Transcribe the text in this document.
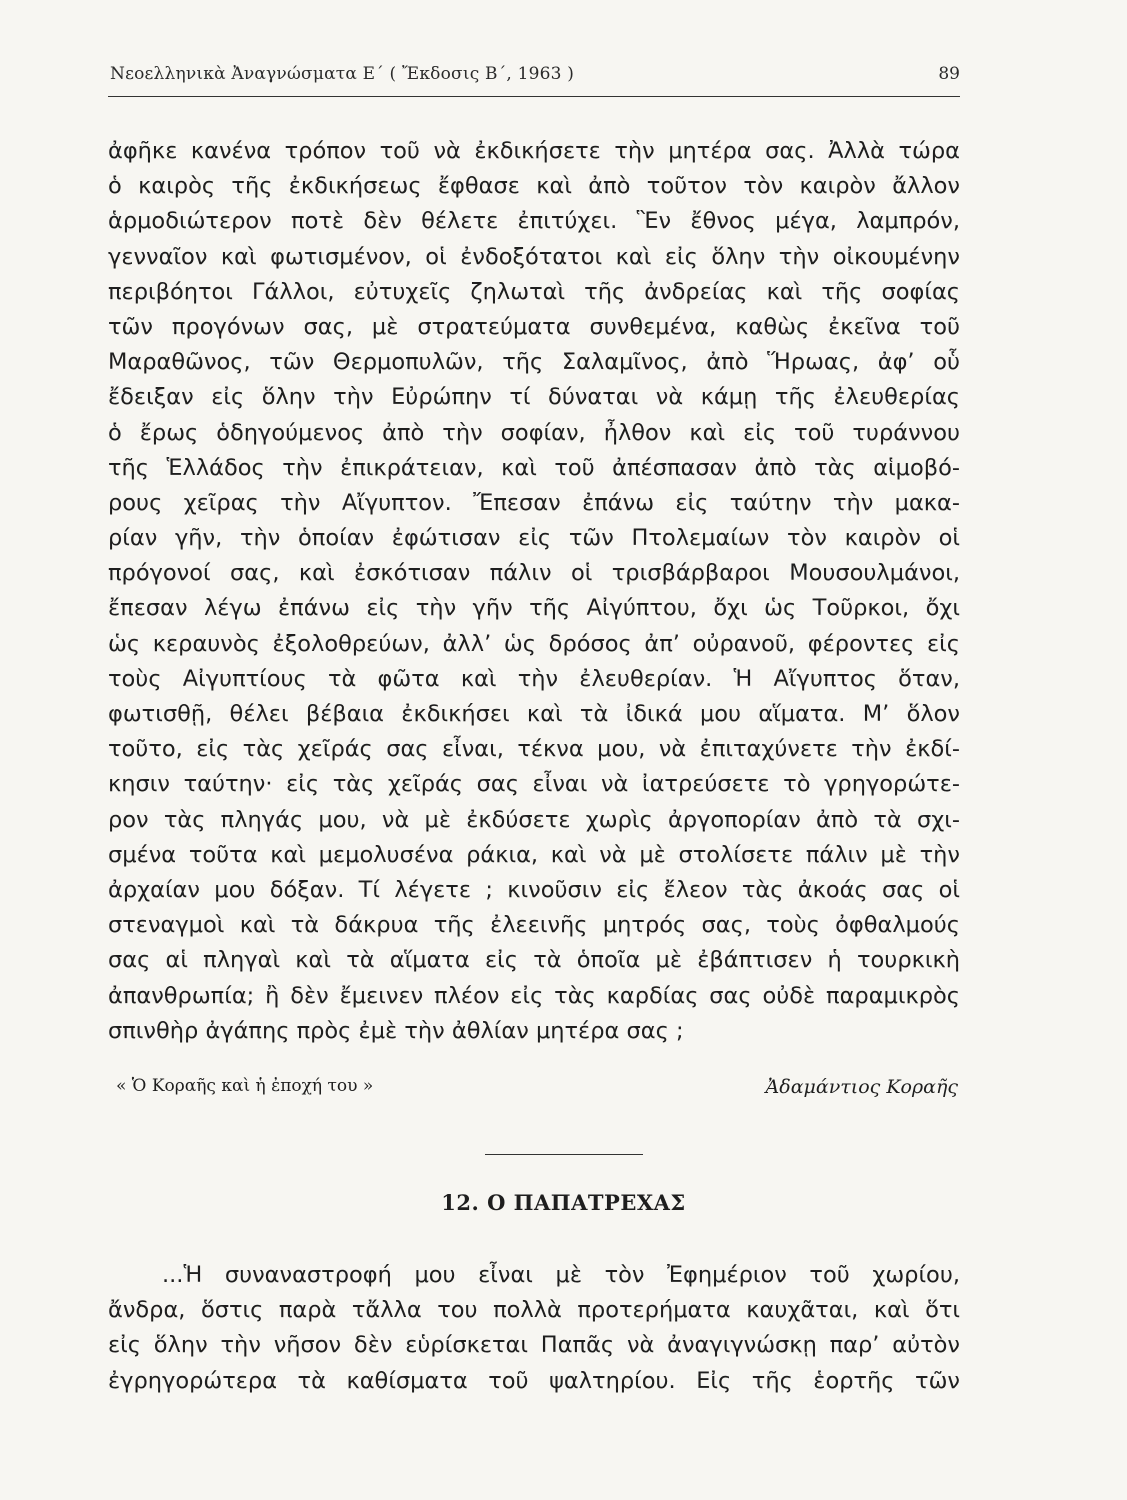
Νεοελληνικὰ Ἀναγνώσματα Ε΄ ( Ἔκδοσις Β΄, 1963 )	89
ἀφῆκε κανένα τρόπον τοῦ νὰ ἐκδικήσετε τὴν μητέρα σας. Ἀλλὰ τώρα
ὁ καιρὸς τῆς ἐκδικήσεως ἔφθασε καὶ ἀπὸ τοῦτον τὸν καιρὸν ἄλλον
ἁρμοδιώτερον ποτὲ δὲν θέλετε ἐπιτύχει. Ἓν ἔθνος μέγα, λαμπρόν,
γενναῖον καὶ φωτισμένον, οἱ ἐνδοξότατοι καὶ εἰς ὅλην τὴν οἰκουμένην
περιβόητοι Γάλλοι, εὐτυχεῖς ζηλωταὶ τῆς ἀνδρείας καὶ τῆς σοφίας
τῶν προγόνων σας, μὲ στρατεύματα συνθεμένα, καθὼς ἐκεῖνα τοῦ
Μαραθῶνος, τῶν Θερμοπυλῶν, τῆς Σαλαμῖνος, ἀπὸ Ἥρωας, ἀφ’ οὗ
ἔδειξαν εἰς ὅλην τὴν Εὐρώπην τί δύναται νὰ κάμῃ τῆς ἐλευθερίας
ὁ ἔρως ὁδηγούμενος ἀπὸ τὴν σοφίαν, ἦλθον καὶ εἰς τοῦ τυράννου
τῆς Ἑλλάδος τὴν ἐπικράτειαν, καὶ τοῦ ἀπέσπασαν ἀπὸ τὰς αἱμοβό-
ρους χεῖρας τὴν Αἴγυπτον. Ἔπεσαν ἐπάνω εἰς ταύτην τὴν μακα-
ρίαν γῆν, τὴν ὁποίαν ἐφώτισαν εἰς τῶν Πτολεμαίων τὸν καιρὸν οἱ
πρόγονοί σας, καὶ ἐσκότισαν πάλιν οἱ τρισβάρβαροι Μουσουλμάνοι,
ἔπεσαν λέγω ἐπάνω εἰς τὴν γῆν τῆς Αἰγύπτου, ὄχι ὡς Τοῦρκοι, ὄχι
ὡς κεραυνὸς ἐξολοθρεύων, ἀλλ’ ὡς δρόσος ἀπ’ οὐρανοῦ, φέροντες εἰς
τοὺς Αἰγυπτίους τὰ φῶτα καὶ τὴν ἐλευθερίαν. Ἡ Αἴγυπτος ὅταν,
φωτισθῇ, θέλει βέβαια ἐκδικήσει καὶ τὰ ἰδικά μου αἵματα. Μ’ ὅλον
τοῦτο, εἰς τὰς χεῖράς σας εἶναι, τέκνα μου, νὰ ἐπιταχύνετε τὴν ἐκδί-
κησιν ταύτην· εἰς τὰς χεῖράς σας εἶναι νὰ ἰατρεύσετε τὸ γρηγορώτε-
ρον τὰς πληγάς μου, νὰ μὲ ἐκδύσετε χωρὶς ἀργοπορίαν ἀπὸ τὰ σχι-
σμένα τοῦτα καὶ μεμολυσένα ράκια, καὶ νὰ μὲ στολίσετε πάλιν μὲ τὴν
ἀρχαίαν μου δόξαν. Τί λέγετε ; κινοῦσιν εἰς ἔλεον τὰς ἀκοάς σας οἱ
στεναγμοὶ καὶ τὰ δάκρυα τῆς ἐλεεινῆς μητρός σας, τοὺς ὀφθαλμούς
σας αἱ πληγαὶ καὶ τὰ αἵματα εἰς τὰ ὁποῖα μὲ ἐβάπτισεν ἡ τουρκικὴ
ἀπανθρωπία; ἢ δὲν ἔμεινεν πλέον εἰς τὰς καρδίας σας οὐδὲ παραμικρὸς
σπινθὴρ ἀγάπης πρὸς ἐμὲ τὴν ἀθλίαν μητέρα σας ;
« Ὁ Κοραῆς καὶ ἡ ἐποχή του »	Ἀδαμάντιος Κοραῆς
12. Ο ΠΑΠΑΤΡΕΧΑΣ
...Ἡ συναναστροφή μου εἶναι μὲ τὸν Ἐφημέριον τοῦ χωρίου,
ἄνδρα, ὅστις παρὰ τἄλλα του πολλὰ προτερήματα καυχᾶται, καὶ ὅτι
εἰς ὅλην τὴν νῆσον δὲν εὑρίσκεται Παπᾶς νὰ ἀναγιγνώσκῃ παρ’ αὐτὸν
ἐγρηγορώτερα τὰ καθίσματα τοῦ ψαλτηρίου. Εἰς τῆς ἑορτῆς τῶν
